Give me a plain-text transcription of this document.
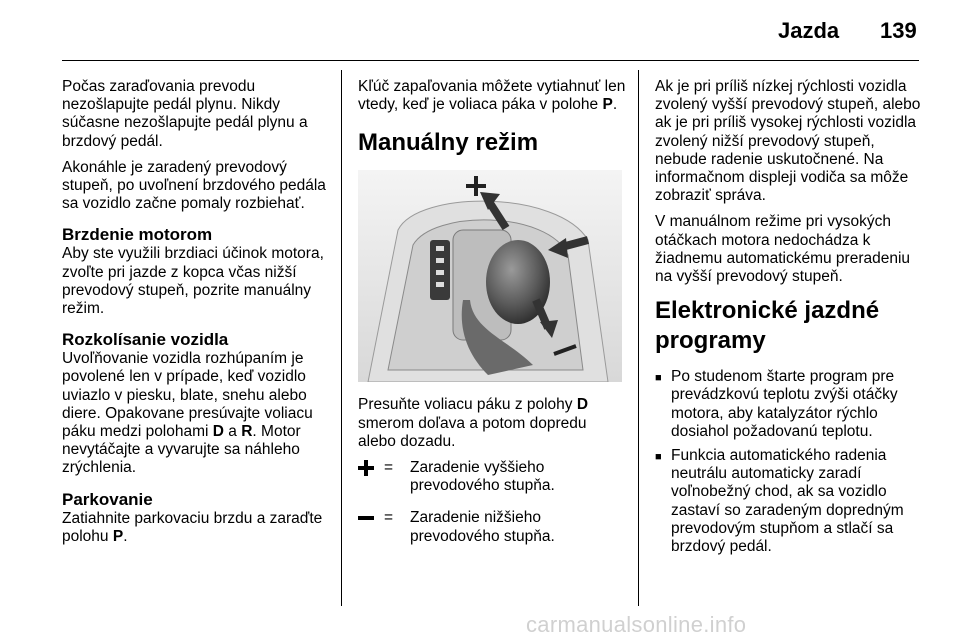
Jazda 139

Počas zaraďovania prevodu nezošlapujte pedál plynu. Nikdy súčasne nezošlapujte pedál plynu a brzdový pedál.

Akonáhle je zaradený prevodový stupeň, po uvoľnení brzdového pedála sa vozidlo začne pomaly rozbiehať.

Brzdenie motorom

Aby ste využili brzdiaci účinok motora, zvoľte pri jazde z kopca včas nižší prevodový stupeň, pozrite manuálny režim.

Rozkolísanie vozidla

Uvoľňovanie vozidla rozhúpaním je povolené len v prípade, keď vozidlo uviazlo v piesku, blate, snehu alebo diere. Opakovane presúvajte voliacu páku medzi polohami D a R. Motor nevytáčajte a vyvarujte sa náhleho zrýchlenia.

Parkovanie

Zatiahnite parkovaciu brzdu a zaraďte polohu P.

Kľúč zapaľovania môžete vytiahnuť len vtedy, keď je voliaca páka v polohe P.

Manuálny režim

Presuňte voliacu páku z polohy D smerom doľava a potom dopredu alebo dozadu.

=	Zaradenie vyššieho prevodového stupňa.
=	Zaradenie nižšieho prevodového stupňa.

Ak je pri príliš nízkej rýchlosti vozidla zvolený vyšší prevodový stupeň, alebo ak je pri príliš vysokej rýchlosti vozidla zvolený nižší prevodový stupeň, nebude radenie uskutočnené. Na informačnom displeji vodiča sa môže zobraziť správa.

V manuálnom režime pri vysokých otáčkach motora nedochádza k žiadnemu automatickému preradeniu na vyšší prevodový stupeň.

Elektronické jazdné programy
■ Po studenom štarte program pre prevádzkovú teplotu zvýši otáčky motora, aby katalyzátor rýchlo dosiahol požadovanú teplotu.
■ Funkcia automatického radenia neutrálu automaticky zaradí voľnobežný chod, ak sa vozidlo zastaví so zaradeným dopredným prevodovým stupňom a stlačí sa brzdový pedál.
carmanualsonline.info
